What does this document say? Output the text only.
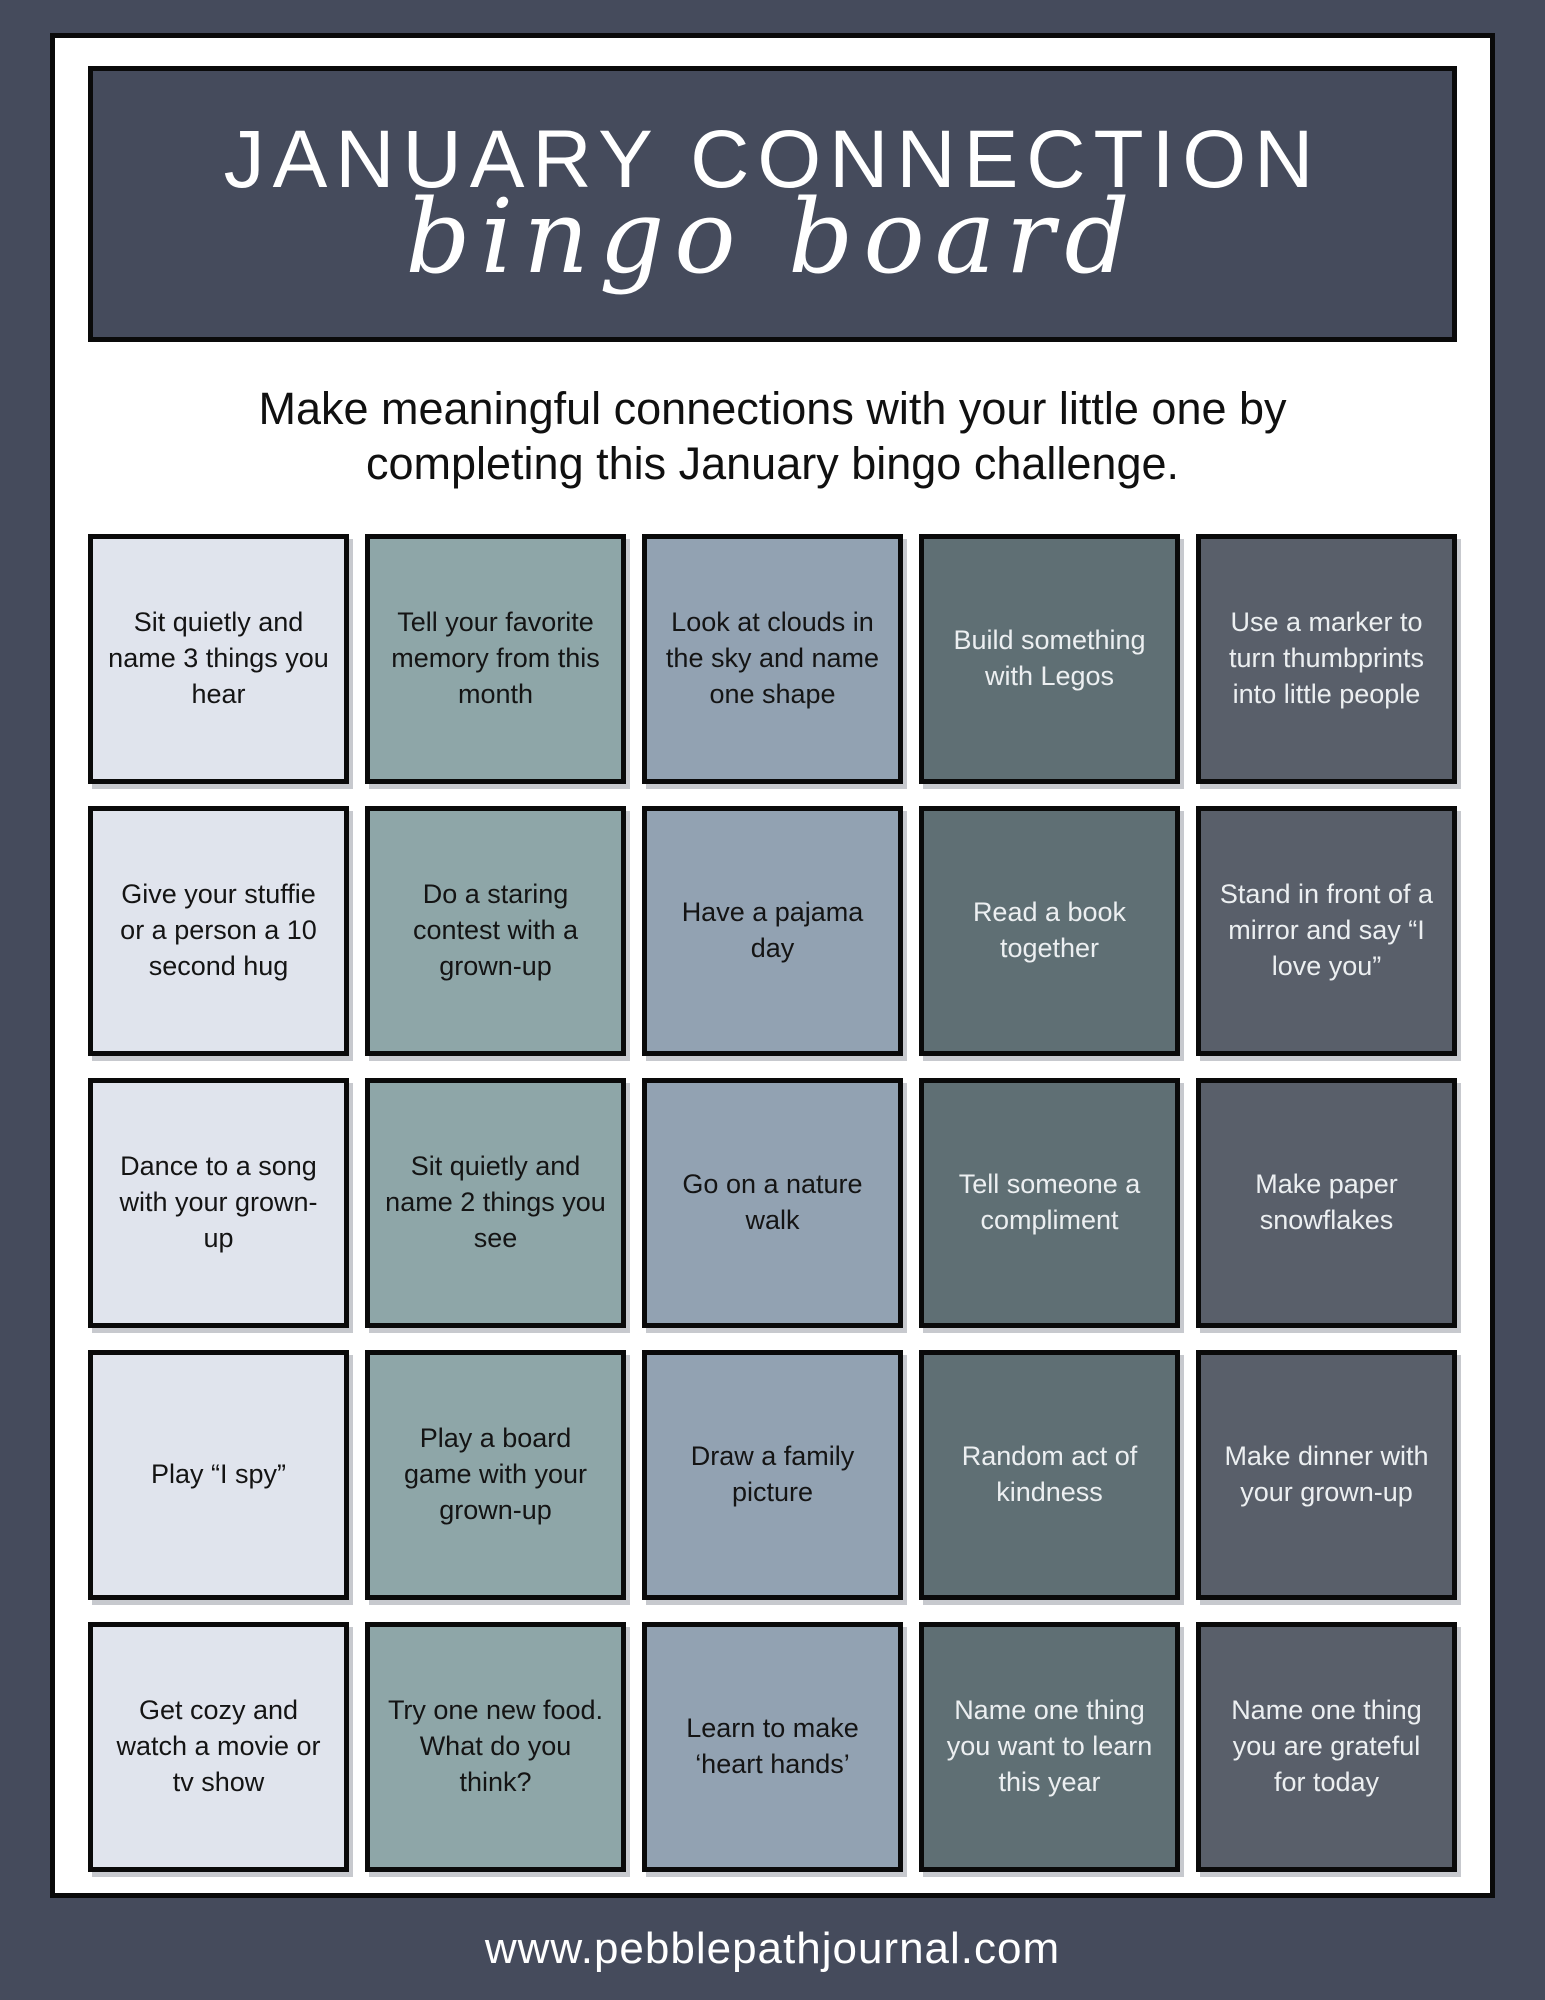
JANUARY CONNECTION
bingo board
Make meaningful connections with your little one by completing this January bingo challenge.
Sit quietly and name 3 things you hear
Tell your favorite memory from this month
Look at clouds in the sky and name one shape
Build something with Legos
Use a marker to turn thumbprints into little people
Give your stuffie or a person a 10 second hug
Do a staring contest with a grown-up
Have a pajama day
Read a book together
Stand in front of a mirror and say “I love you”
Dance to a song with your grown-up
Sit quietly and name 2 things you see
Go on a nature walk
Tell someone a compliment
Make paper snowflakes
Play “I spy”
Play a board game with your grown-up
Draw a family picture
Random act of kindness
Make dinner with your grown-up
Get cozy and watch a movie or tv show
Try one new food. What do you think?
Learn to make ‘heart hands’
Name one thing you want to learn this year
Name one thing you are grateful for today
www.pebblepathjournal.com
